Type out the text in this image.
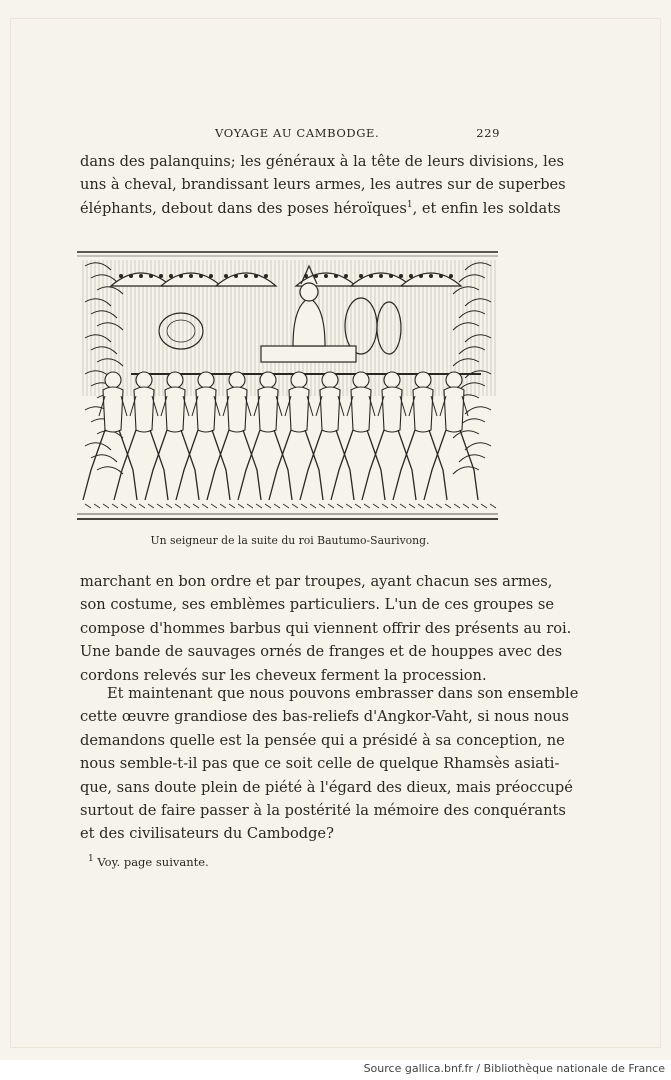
VOYAGE AU CAMBODGE.	229
dans des palanquins; les généraux à la tête de leurs divisions, les
uns à cheval, brandissant leurs armes, les autres sur de superbes
éléphants, debout dans des poses héroïques$^1$, et enfin les soldats
Un seigneur de la suite du roi Bautumo-Saurivong.
marchant en bon ordre et par troupes, ayant chacun ses armes,
son costume, ses emblèmes particuliers. L'un de ces groupes se
compose d'hommes barbus qui viennent offrir des présents au roi.
Une bande de sauvages ornés de franges et de houppes avec des
cordons relevés sur les cheveux ferment la procession.
Et maintenant que nous pouvons embrasser dans son ensemble
cette œuvre grandiose des bas-reliefs d'Angkor-Vaht, si nous nous
demandons quelle est la pensée qui a présidé à sa conception, ne
nous semble-t-il pas que ce soit celle de quelque Rhamsès asiati-
que, sans doute plein de piété à l'égard des dieux, mais préoccupé
surtout de faire passer à la postérité la mémoire des conquérants
et des civilisateurs du Cambodge?
$^1$ Voy. page suivante.
Source gallica.bnf.fr / Bibliothèque nationale de France
